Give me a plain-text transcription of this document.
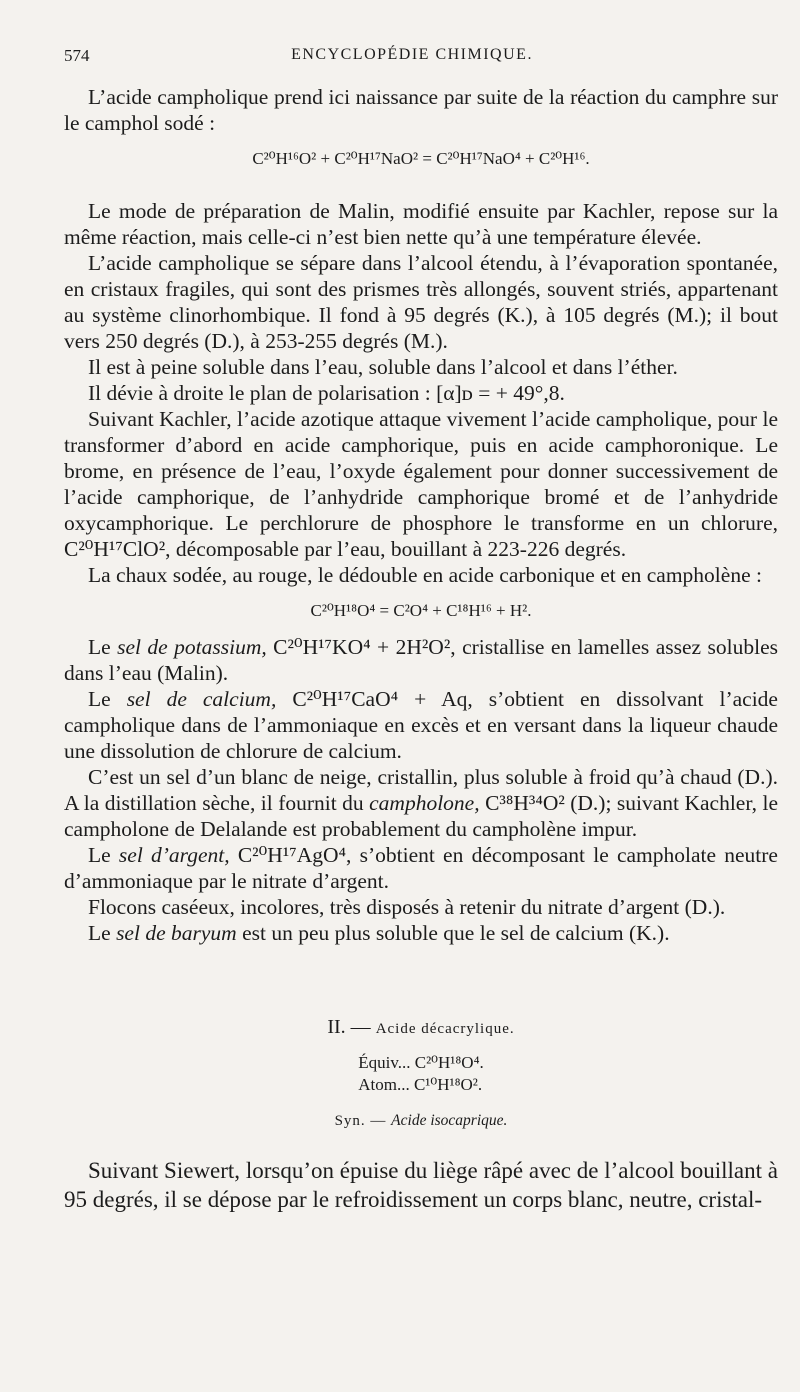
574	ENCYCLOPÉDIE CHIMIQUE.

L’acide campholique prend ici naissance par suite de la réaction du camphre sur le camphol sodé :

C²⁰H¹⁶O² + C²⁰H¹⁷NaO² = C²⁰H¹⁷NaO⁴ + C²⁰H¹⁶.

Le mode de préparation de Malin, modifié ensuite par Kachler, repose sur la même réaction, mais celle-ci n’est bien nette qu’à une température élevée.

L’acide campholique se sépare dans l’alcool étendu, à l’évaporation spontanée, en cristaux fragiles, qui sont des prismes très allongés, souvent striés, appartenant au système clinorhombique. Il fond à 95 degrés (K.), à 105 degrés (M.); il bout vers 250 degrés (D.), à 253-255 degrés (M.).

Il est à peine soluble dans l’eau, soluble dans l’alcool et dans l’éther.

Il dévie à droite le plan de polarisation : [α]ᴅ = + 49°,8.

Suivant Kachler, l’acide azotique attaque vivement l’acide campholique, pour le transformer d’abord en acide camphorique, puis en acide camphoronique. Le brome, en présence de l’eau, l’oxyde également pour donner successivement de l’acide camphorique, de l’anhydride camphorique bromé et de l’anhydride oxycamphorique. Le perchlorure de phosphore le transforme en un chlorure, C²⁰H¹⁷ClO², décomposable par l’eau, bouillant à 223-226 degrés.

La chaux sodée, au rouge, le dédouble en acide carbonique et en campholène :

C²⁰H¹⁸O⁴ = C²O⁴ + C¹⁸H¹⁶ + H².

Le sel de potassium, C²⁰H¹⁷KO⁴ + 2H²O², cristallise en lamelles assez solubles dans l’eau (Malin).

Le sel de calcium, C²⁰H¹⁷CaO⁴ + Aq, s’obtient en dissolvant l’acide campholique dans de l’ammoniaque en excès et en versant dans la liqueur chaude une dissolution de chlorure de calcium.

C’est un sel d’un blanc de neige, cristallin, plus soluble à froid qu’à chaud (D.). A la distillation sèche, il fournit du campholone, C³⁸H³⁴O² (D.); suivant Kachler, le campholone de Delalande est probablement du campholène impur.

Le sel d’argent, C²⁰H¹⁷AgO⁴, s’obtient en décomposant le campholate neutre d’ammoniaque par le nitrate d’argent.

Flocons caséeux, incolores, très disposés à retenir du nitrate d’argent (D.).

Le sel de baryum est un peu plus soluble que le sel de calcium (K.).

II. — Acide décacrylique.
Équiv... C²⁰H¹⁸O⁴.
Atom... C¹⁰H¹⁸O².
Syn. — Acide isocaprique.

Suivant Siewert, lorsqu’on épuise du liège râpé avec de l’alcool bouillant à 95 degrés, il se dépose par le refroidissement un corps blanc, neutre, cristal-
